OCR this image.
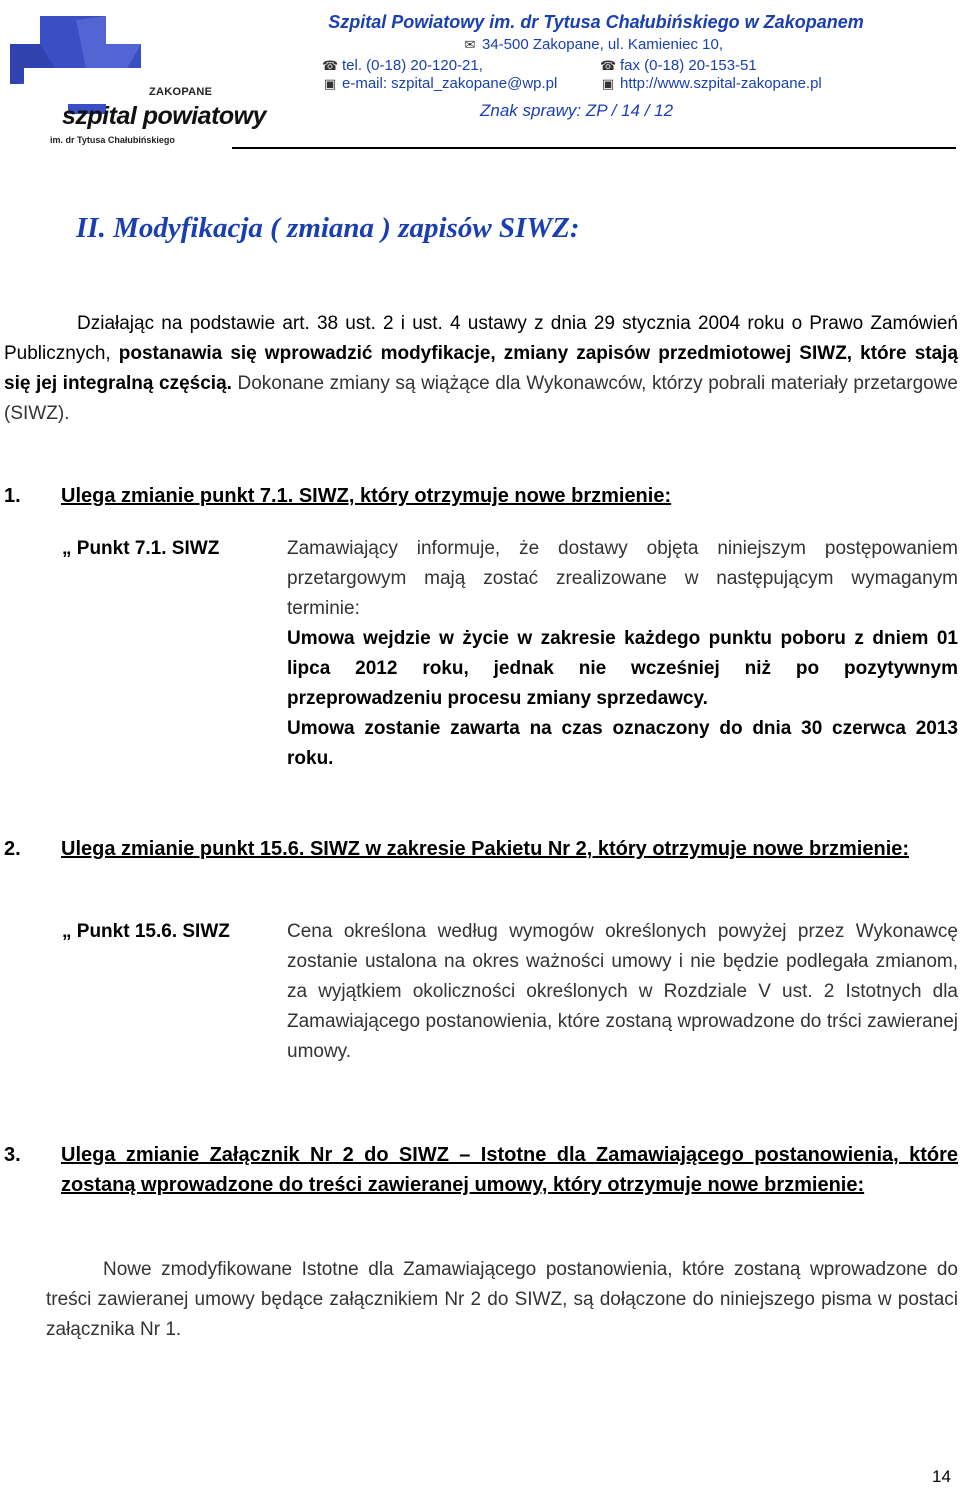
ZAKOPANE
szpital powiatowy
im. dr Tytusa Chałubińskiego
Szpital Powiatowy im. dr Tytusa Chałubińskiego w Zakopanem
✉ 34-500 Zakopane, ul. Kamieniec 10,
☎ tel. (0-18) 20-120-21,	☎ fax (0-18) 20-153-51
▣ e-mail: szpital_zakopane@wp.pl	▣ http://www.szpital-zakopane.pl
Znak sprawy: ZP / 14 / 12
II. Modyfikacja ( zmiana ) zapisów SIWZ:
Działając na podstawie art. 38 ust. 2 i ust. 4 ustawy z dnia 29 stycznia 2004 roku o Prawo Zamówień Publicznych, postanawia się wprowadzić modyfikacje, zmiany zapisów przedmiotowej SIWZ, które stają się jej integralną częścią. Dokonane zmiany są wiążące dla Wykonawców, którzy pobrali materiały przetargowe (SIWZ).
1. Ulega zmianie punkt 7.1. SIWZ, który otrzymuje nowe brzmienie:
„ Punkt 7.1. SIWZ	Zamawiający informuje, że dostawy objęta niniejszym postępowaniem przetargowym mają zostać zrealizowane w następującym wymaganym terminie:
Umowa wejdzie w życie w zakresie każdego punktu poboru z dniem 01 lipca 2012 roku, jednak nie wcześniej niż po pozytywnym przeprowadzeniu procesu zmiany sprzedawcy.
Umowa zostanie zawarta na czas oznaczony do dnia 30 czerwca 2013 roku.
2.	Ulega zmianie punkt 15.6. SIWZ w zakresie Pakietu Nr 2, który otrzymuje nowe brzmienie:
„ Punkt 15.6. SIWZ	Cena określona według wymogów określonych powyżej przez Wykonawcę zostanie ustalona na okres ważności umowy i nie będzie podlegała zmianom, za wyjątkiem okoliczności określonych w Rozdziale V ust. 2 Istotnych dla Zamawiającego postanowienia, które zostaną wprowadzone do trści zawieranej umowy.
3.	Ulega zmianie Załącznik Nr 2 do SIWZ – Istotne dla Zamawiającego postanowienia, które zostaną wprowadzone do treści zawieranej umowy, który otrzymuje nowe brzmienie:
Nowe zmodyfikowane Istotne dla Zamawiającego postanowienia, które zostaną wprowadzone do treści zawieranej umowy będące załącznikiem Nr 2 do SIWZ, są dołączone do niniejszego pisma w postaci załącznika Nr 1.
14
